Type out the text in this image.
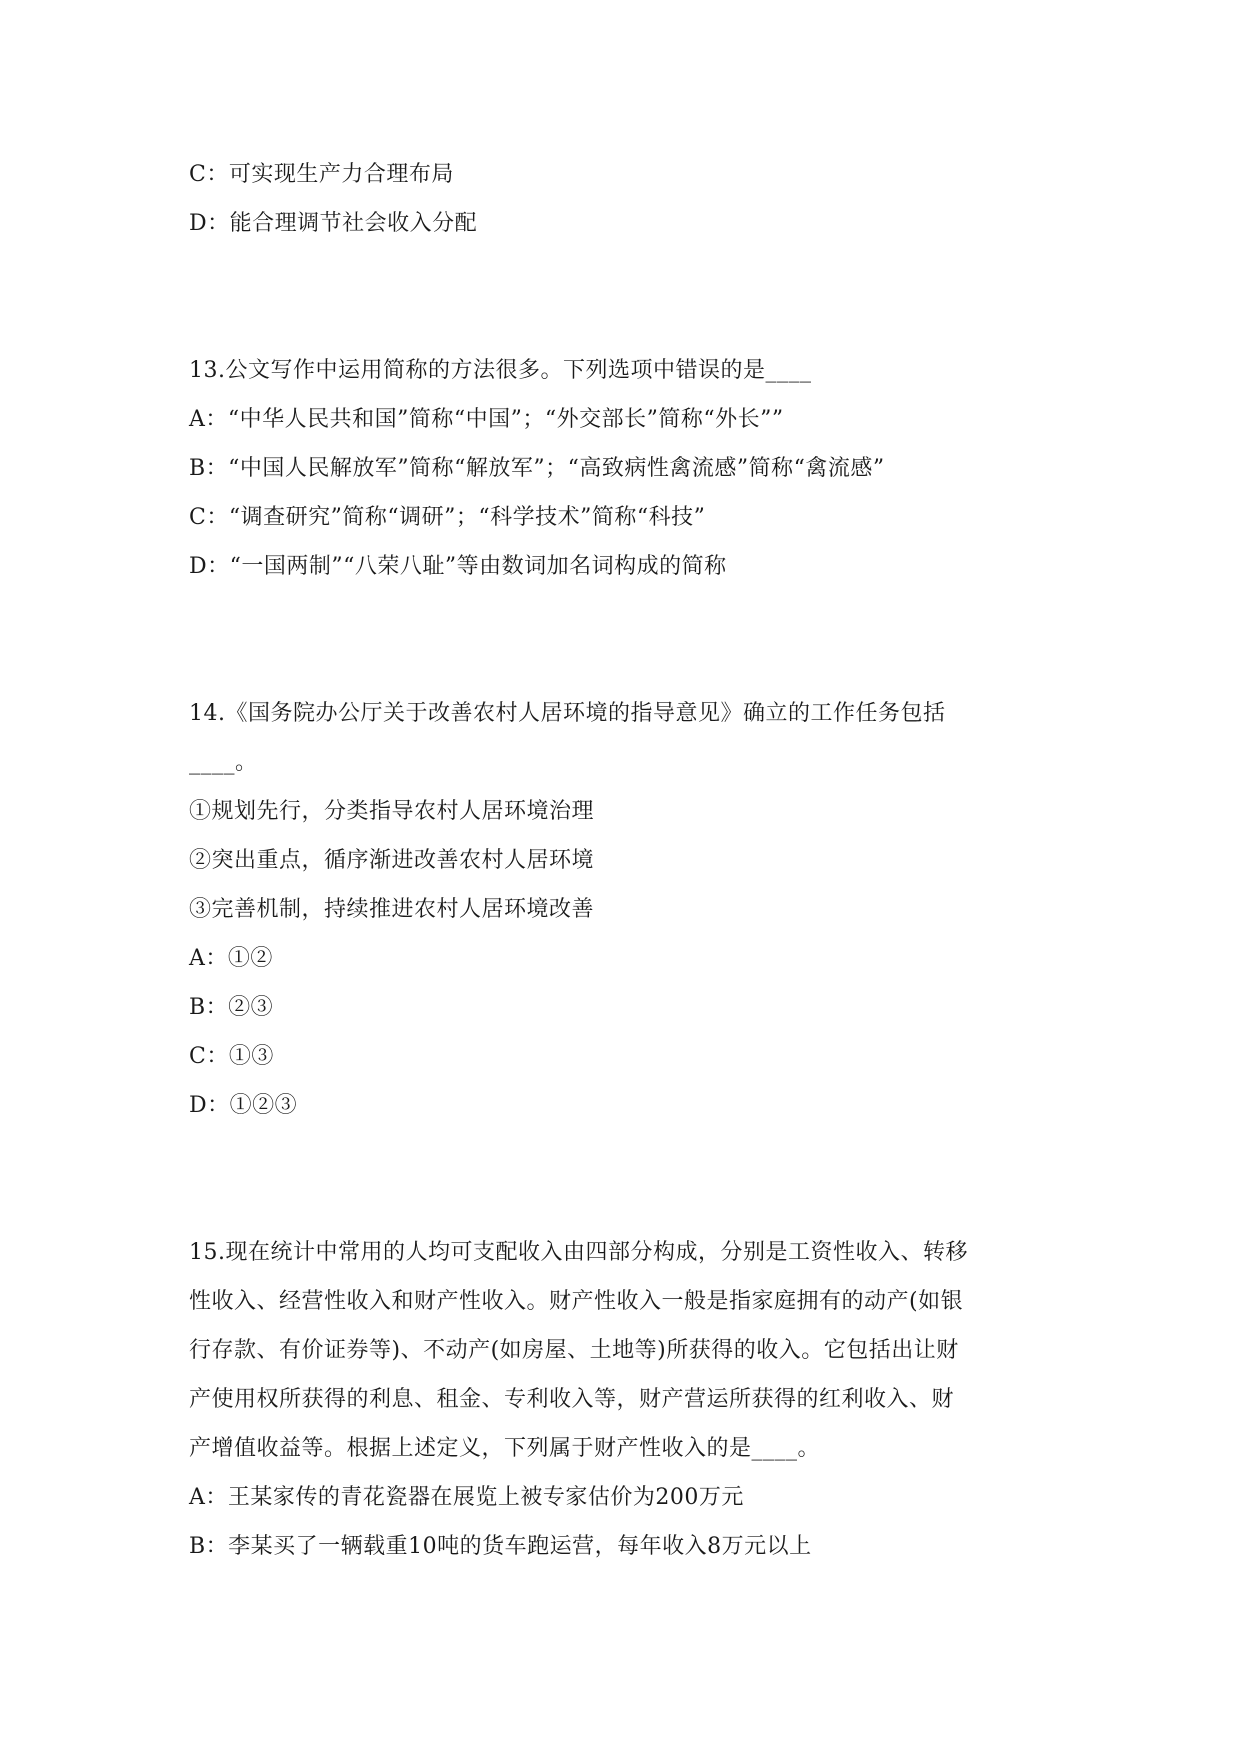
C：可实现生产力合理布局
D：能合理调节社会收入分配
13.公文写作中运用简称的方法很多。下列选项中错误的是____
A：“中华人民共和国”简称“中国”；“外交部长”简称“外长””
B：“中国人民解放军”简称“解放军”；“高致病性禽流感”简称“禽流感”
C：“调查研究”简称“调研”；“科学技术”简称“科技”
D：“一国两制”“八荣八耻”等由数词加名词构成的简称
14.《国务院办公厅关于改善农村人居环境的指导意见》确立的工作任务包括
____。
①规划先行，分类指导农村人居环境治理
②突出重点，循序渐进改善农村人居环境
③完善机制，持续推进农村人居环境改善
A：①②
B：②③
C：①③
D：①②③
15.现在统计中常用的人均可支配收入由四部分构成，分别是工资性收入、转移
性收入、经营性收入和财产性收入。财产性收入一般是指家庭拥有的动产(如银
行存款、有价证券等)、不动产(如房屋、土地等)所获得的收入。它包括出让财
产使用权所获得的利息、租金、专利收入等，财产营运所获得的红利收入、财
产增值收益等。根据上述定义，下列属于财产性收入的是____。
A：王某家传的青花瓷器在展览上被专家估价为200万元
B：李某买了一辆载重10吨的货车跑运营，每年收入8万元以上
